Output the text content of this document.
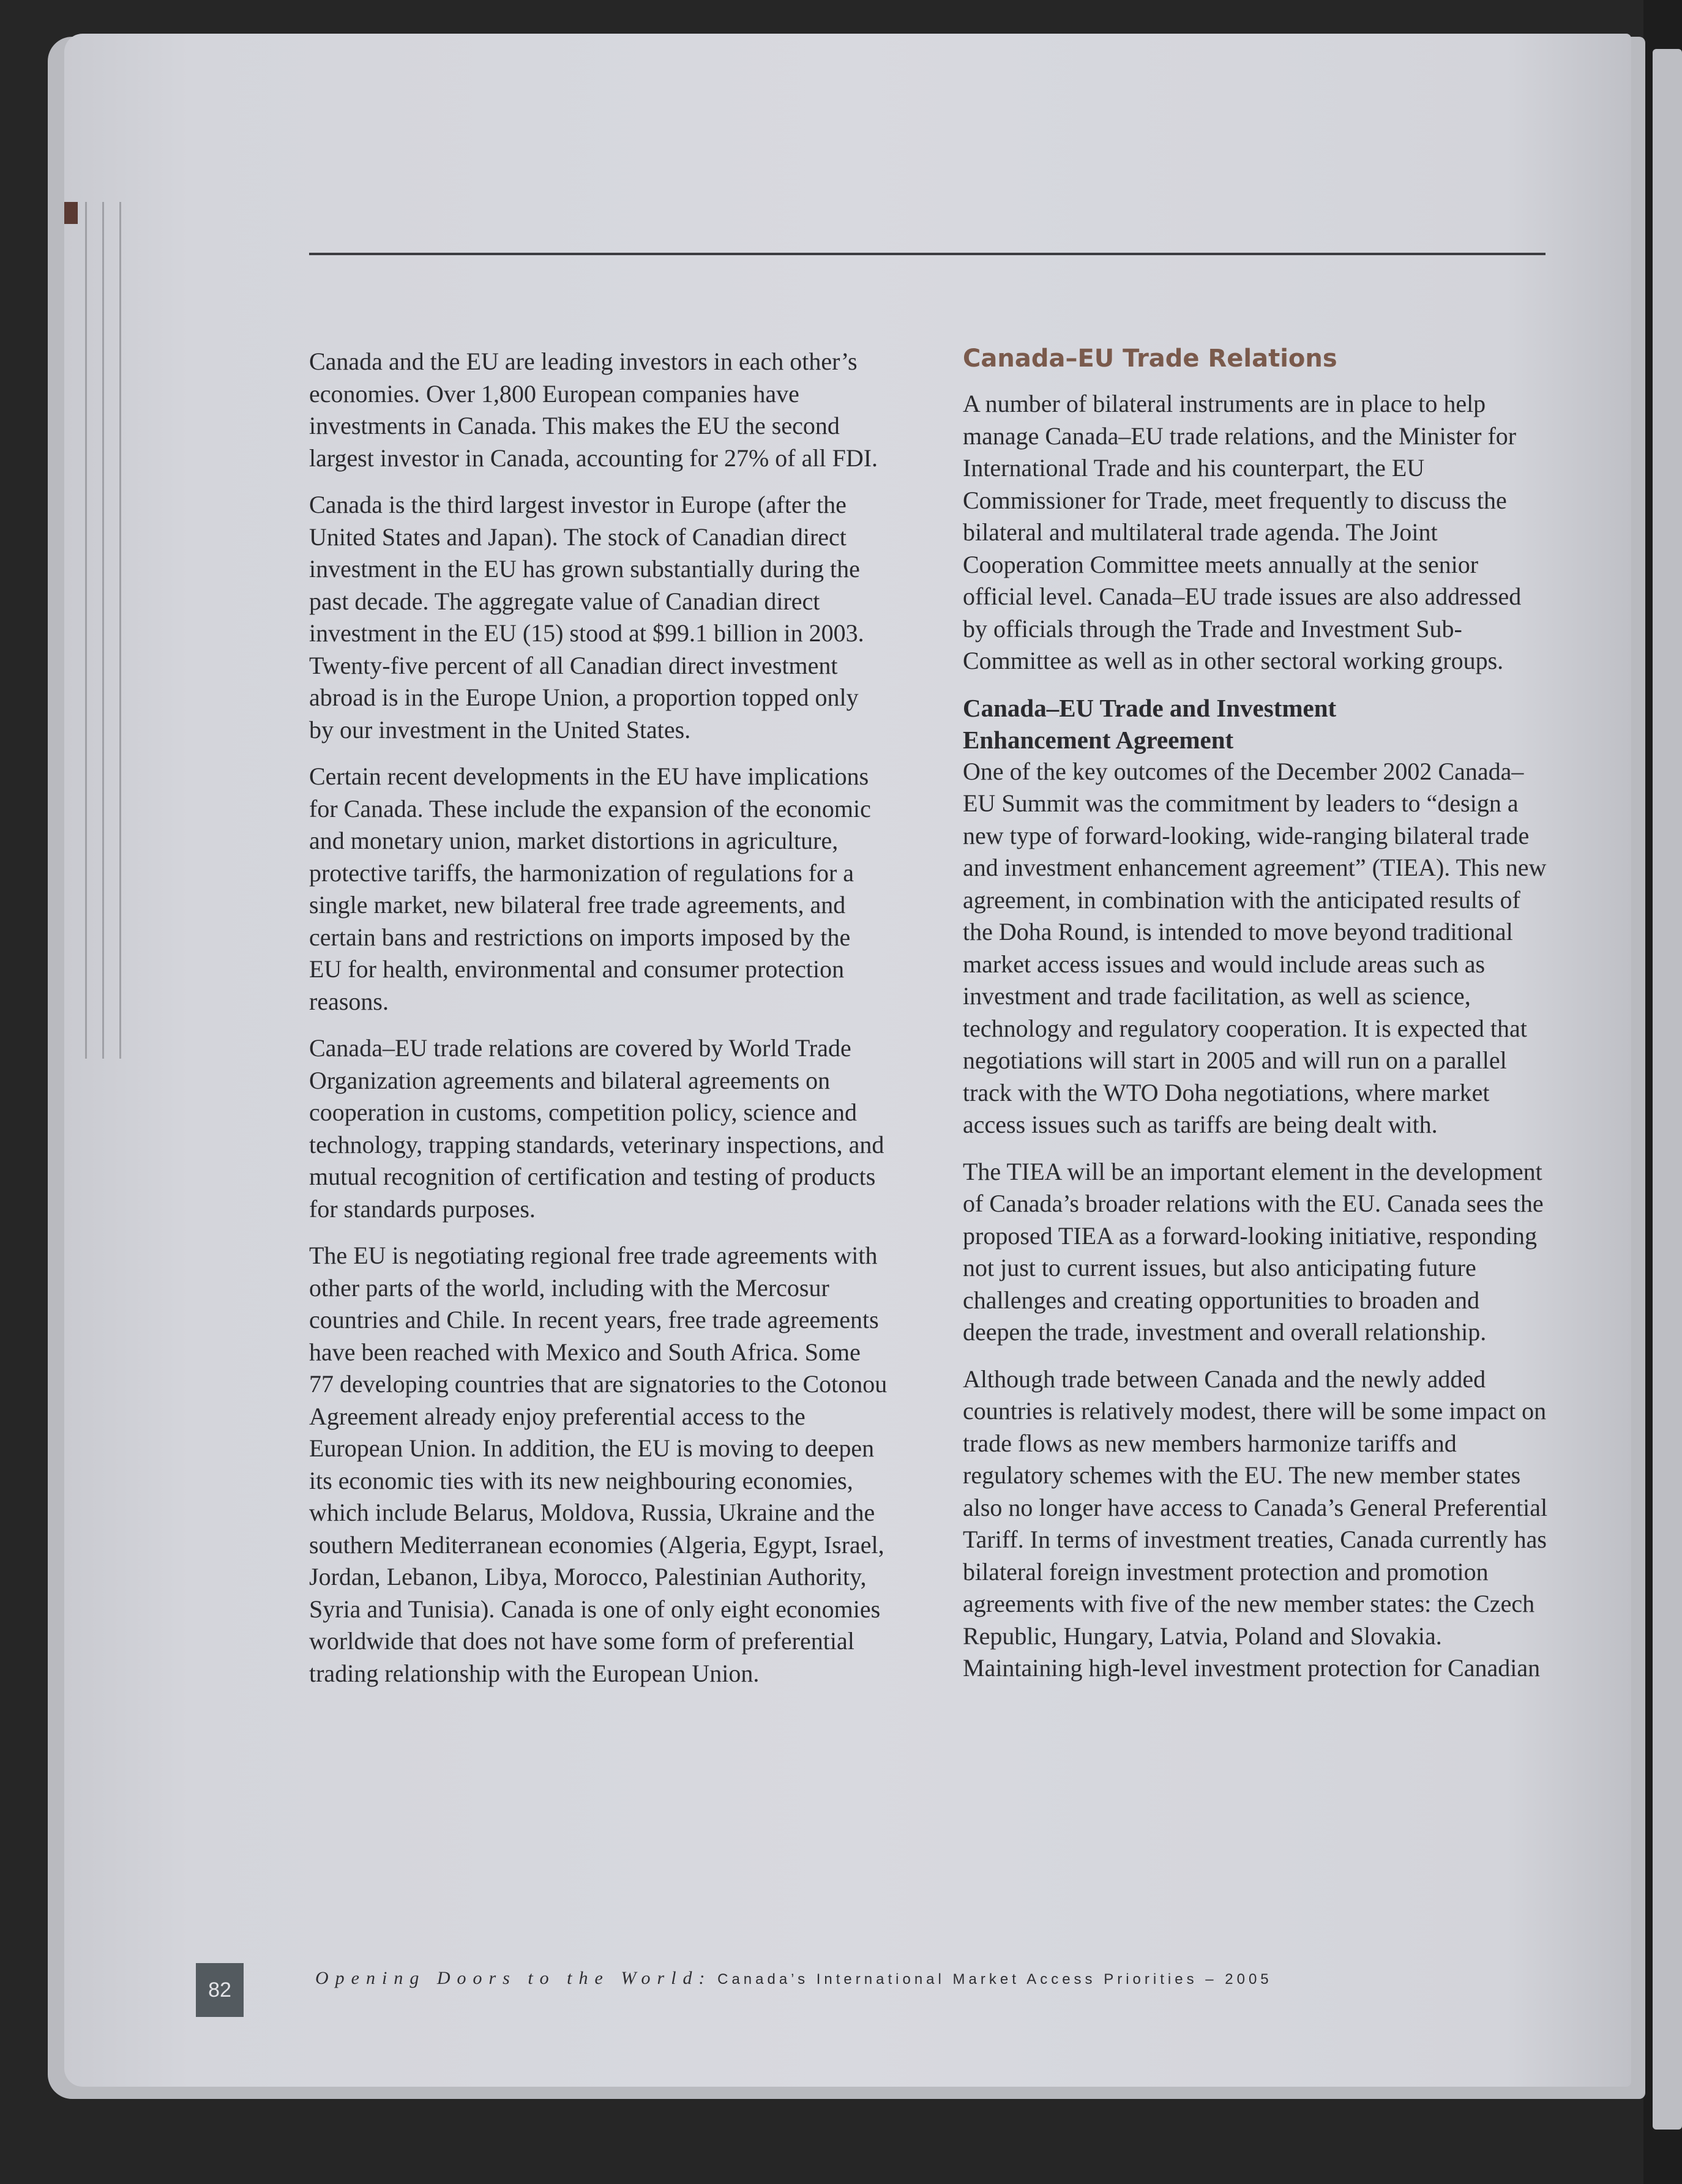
Canada and the EU are leading investors in each other’s economies. Over 1,800 European companies have investments in Canada. This makes the EU the second largest investor in Canada, accounting for 27% of all FDI.

Canada is the third largest investor in Europe (after the United States and Japan). The stock of Canadian direct investment in the EU has grown substantially during the past decade. The aggregate value of Canadian direct investment in the EU (15) stood at $99.1 billion in 2003. Twenty-five percent of all Canadian direct investment abroad is in the Europe Union, a proportion topped only by our investment in the United States.

Certain recent developments in the EU have implications for Canada. These include the expansion of the economic and monetary union, market distortions in agriculture, protective tariffs, the harmonization of regulations for a single market, new bilateral free trade agreements, and certain bans and restrictions on imports imposed by the EU for health, environmental and consumer protection reasons.

Canada–EU trade relations are covered by World Trade Organization agreements and bilateral agreements on cooperation in customs, competition policy, science and technology, trapping standards, veterinary inspections, and mutual recognition of certification and testing of products for standards purposes.

The EU is negotiating regional free trade agreements with other parts of the world, including with the Mercosur countries and Chile. In recent years, free trade agreements have been reached with Mexico and South Africa. Some 77 developing countries that are signatories to the Cotonou Agreement already enjoy preferential access to the European Union. In addition, the EU is moving to deepen its economic ties with its new neighbouring economies, which include Belarus, Moldova, Russia, Ukraine and the southern Mediterranean economies (Algeria, Egypt, Israel, Jordan, Lebanon, Libya, Morocco, Palestinian Authority, Syria and Tunisia). Canada is one of only eight economies worldwide that does not have some form of preferential trading relationship with the European Union.

Canada–EU Trade Relations

A number of bilateral instruments are in place to help manage Canada–EU trade relations, and the Minister for International Trade and his counterpart, the EU Commissioner for Trade, meet frequently to discuss the bilateral and multilateral trade agenda. The Joint Cooperation Committee meets annually at the senior official level. Canada–EU trade issues are also addressed by officials through the Trade and Investment Sub-Committee as well as in other sectoral working groups.

Canada–EU Trade and Investment
Enhancement Agreement

One of the key outcomes of the December 2002 Canada–EU Summit was the commitment by leaders to “design a new type of forward-looking, wide-ranging bilateral trade and investment enhancement agreement” (TIEA). This new agreement, in combination with the anticipated results of the Doha Round, is intended to move beyond traditional market access issues and would include areas such as investment and trade facilitation, as well as science, technology and regulatory cooperation. It is expected that negotiations will start in 2005 and will run on a parallel track with the WTO Doha negotiations, where market access issues such as tariffs are being dealt with.

The TIEA will be an important element in the development of Canada’s broader relations with the EU. Canada sees the proposed TIEA as a forward-looking initiative, responding not just to current issues, but also anticipating future challenges and creating opportunities to broaden and deepen the trade, investment and overall relationship.

Although trade between Canada and the newly added countries is relatively modest, there will be some impact on trade flows as new members harmonize tariffs and regulatory schemes with the EU. The new member states also no longer have access to Canada’s General Preferential Tariff. In terms of investment treaties, Canada currently has bilateral foreign investment protection and promotion agreements with five of the new member states: the Czech Republic, Hungary, Latvia, Poland and Slovakia. Maintaining high-level investment protection for Canadian

82	Opening Doors to the World: Canada’s International Market Access Priorities – 2005
